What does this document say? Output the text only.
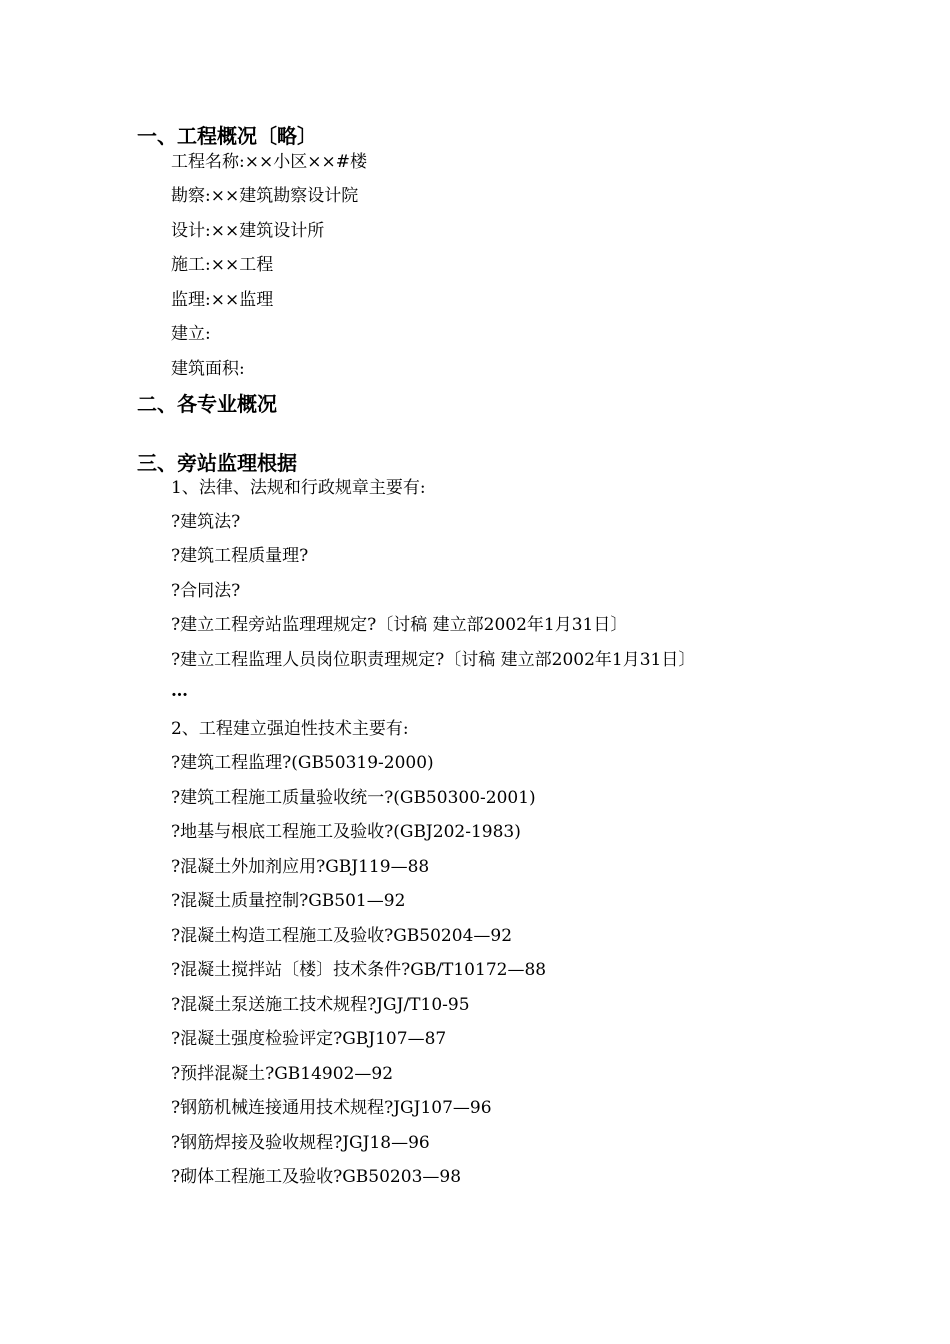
一、工程概况〔略〕
工程名称:××小区××#楼
勘察:××建筑勘察设计院
设计:××建筑设计所
施工:××工程
监理:××监理
建立:
建筑面积:
二、各专业概况
三、旁站监理根据
1、法律、法规和行政规章主要有:
?建筑法?
?建筑工程质量理?
?合同法?
?建立工程旁站监理理规定?〔讨稿 建立部2002年1月31日〕
?建立工程监理人员岗位职责理规定?〔讨稿 建立部2002年1月31日〕
…
2、工程建立强迫性技术主要有:
?建筑工程监理?(GB50319-2000)
?建筑工程施工质量验收统一?(GB50300-2001)
?地基与根底工程施工及验收?(GBJ202-1983)
?混凝土外加剂应用?GBJ119—88
?混凝土质量控制?GB501—92
?混凝土构造工程施工及验收?GB50204—92
?混凝土搅拌站〔楼〕技术条件?GB/T10172—88
?混凝土泵送施工技术规程?JGJ/T10-95
?混凝土强度检验评定?GBJ107—87
?预拌混凝土?GB14902—92
?钢筋机械连接通用技术规程?JGJ107—96
?钢筋焊接及验收规程?JGJ18—96
?砌体工程施工及验收?GB50203—98
